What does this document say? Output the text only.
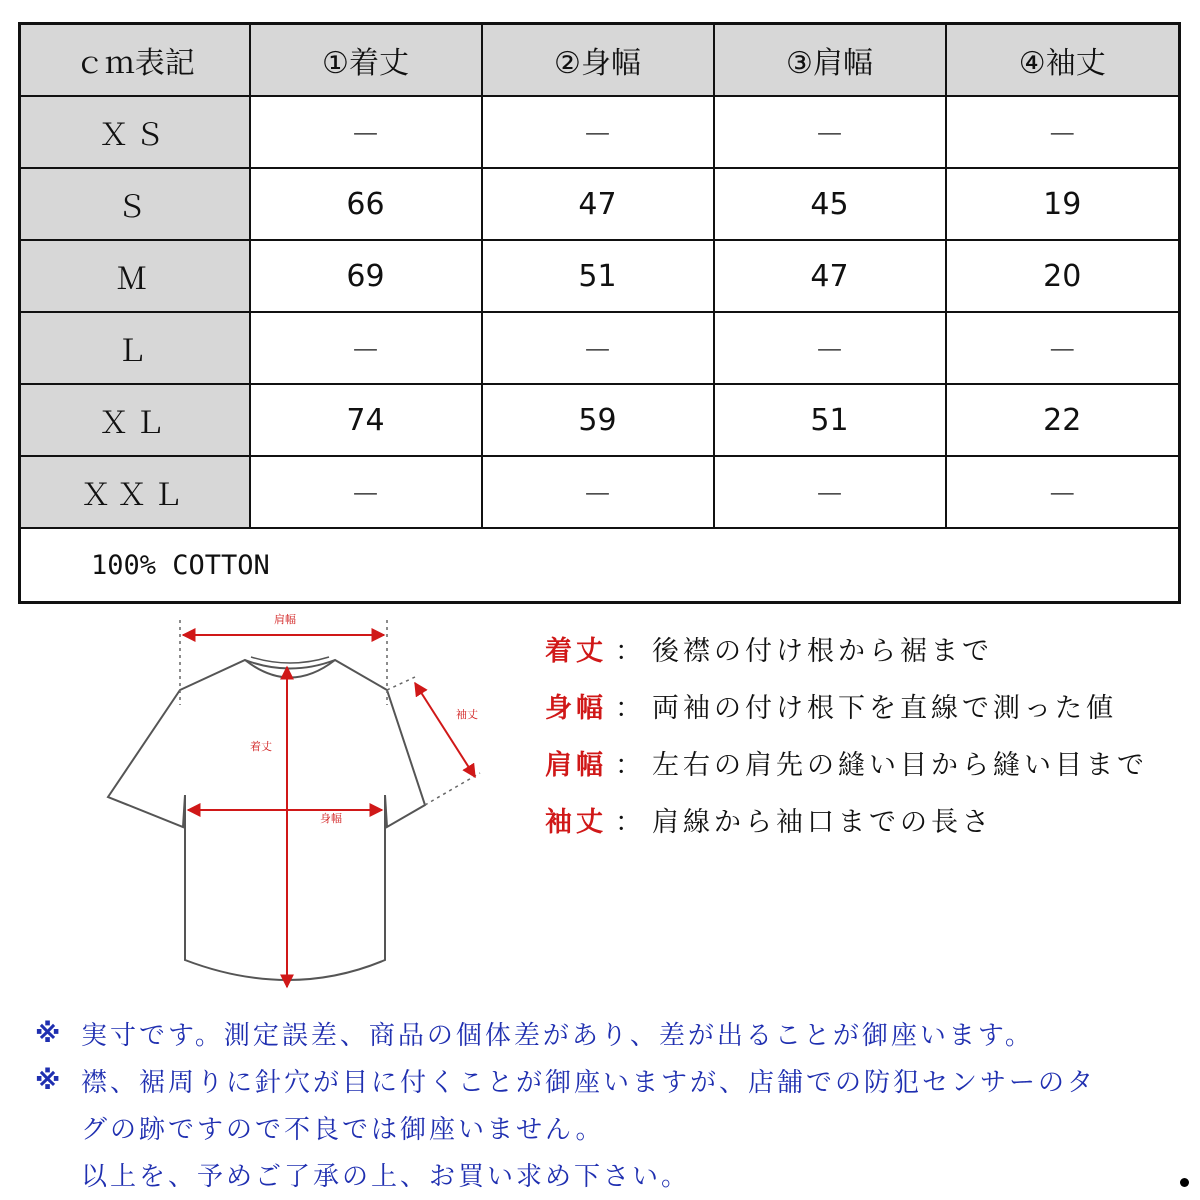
ｃｍ表記	①着丈	②身幅	③肩幅	④袖丈
ＸＳ	－	－	－	－
Ｓ	66	47	45	19
Ｍ	69	51	47	20
Ｌ	－	－	－	－
ＸＬ	74	59	51	22
ＸＸＬ	－	－	－	－
100% COTTON				
肩幅
袖丈
着丈
身幅
着丈 ： 後襟の付け根から裾まで
身幅 ： 両袖の付け根下を直線で測った値
肩幅 ： 左右の肩先の縫い目から縫い目まで
袖丈 ： 肩線から袖口までの長さ
※ 実寸です。測定誤差、商品の個体差があり、差が出ることが御座います。
※ 襟、裾周りに針穴が目に付くことが御座いますが、店舗での防犯センサーのタ
グの跡ですので不良では御座いません。
以上を、予めご了承の上、お買い求め下さい。
